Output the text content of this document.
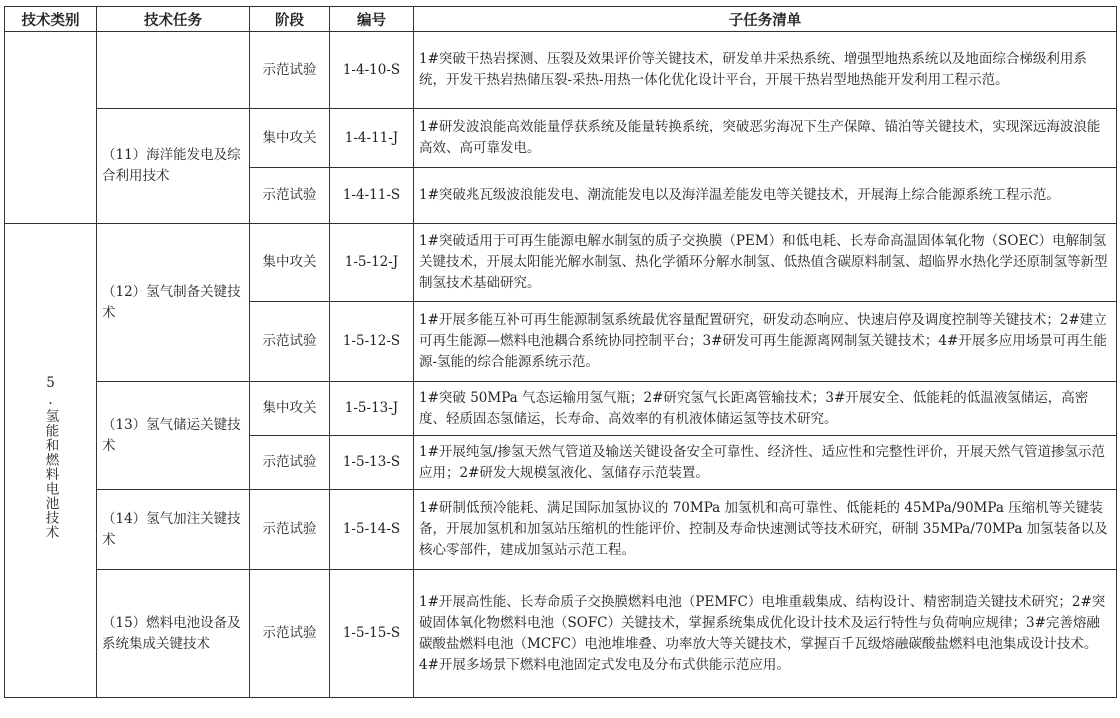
技术类别	技术任务	阶段	编号	子任务清单
		示范试验	1-4-10-S	1#突破干热岩探测、压裂及效果评价等关键技术，研发单井采热系统、增强型地热系统以及地面综合梯级利用系统，开发干热岩热储压裂-采热-用热一体化优化设计平台，开展干热岩型地热能开发利用工程示范。
	（11）海洋能发电及综合利用技术	集中攻关	1-4-11-J	1#研发波浪能高效能量俘获系统及能量转换系统，突破恶劣海况下生产保障、锚泊等关键技术，实现深远海波浪能高效、高可靠发电。
		示范试验	1-4-11-S	1#突破兆瓦级波浪能发电、潮流能发电以及海洋温差能发电等关键技术，开展海上综合能源系统工程示范。
5.氢能和燃料电池技术	（12）氢气制备关键技术	集中攻关	1-5-12-J	1#突破适用于可再生能源电解水制氢的质子交换膜（PEM）和低电耗、长寿命高温固体氧化物（SOEC）电解制氢关键技术，开展太阳能光解水制氢、热化学循环分解水制氢、低热值含碳原料制氢、超临界水热化学还原制氢等新型制氢技术基础研究。
		示范试验	1-5-12-S	1#开展多能互补可再生能源制氢系统最优容量配置研究，研发动态响应、快速启停及调度控制等关键技术；2#建立可再生能源—燃料电池耦合系统协同控制平台；3#研发可再生能源离网制氢关键技术；4#开展多应用场景可再生能源-氢能的综合能源系统示范。
	（13）氢气储运关键技术	集中攻关	1-5-13-J	1#突破 50MPa 气态运输用氢气瓶；2#研究氢气长距离管输技术；3#开展安全、低能耗的低温液氢储运，高密度、轻质固态氢储运，长寿命、高效率的有机液体储运氢等技术研究。
		示范试验	1-5-13-S	1#开展纯氢/掺氢天然气管道及输送关键设备安全可靠性、经济性、适应性和完整性评价，开展天然气管道掺氢示范应用；2#研发大规模氢液化、氢储存示范装置。
	（14）氢气加注关键技术	示范试验	1-5-14-S	1#研制低预冷能耗、满足国际加氢协议的 70MPa 加氢机和高可靠性、低能耗的 45MPa/90MPa 压缩机等关键装备，开展加氢机和加氢站压缩机的性能评价、控制及寿命快速测试等技术研究，研制 35MPa/70MPa 加氢装备以及核心零部件，建成加氢站示范工程。
	（15）燃料电池设备及系统集成关键技术	示范试验	1-5-15-S	1#开展高性能、长寿命质子交换膜燃料电池（PEMFC）电堆重载集成、结构设计、精密制造关键技术研究；2#突破固体氧化物燃料电池（SOFC）关键技术，掌握系统集成优化设计技术及运行特性与负荷响应规律；3#完善熔融碳酸盐燃料电池（MCFC）电池堆堆叠、功率放大等关键技术，掌握百千瓦级熔融碳酸盐燃料电池集成设计技术。4#开展多场景下燃料电池固定式发电及分布式供能示范应用。
